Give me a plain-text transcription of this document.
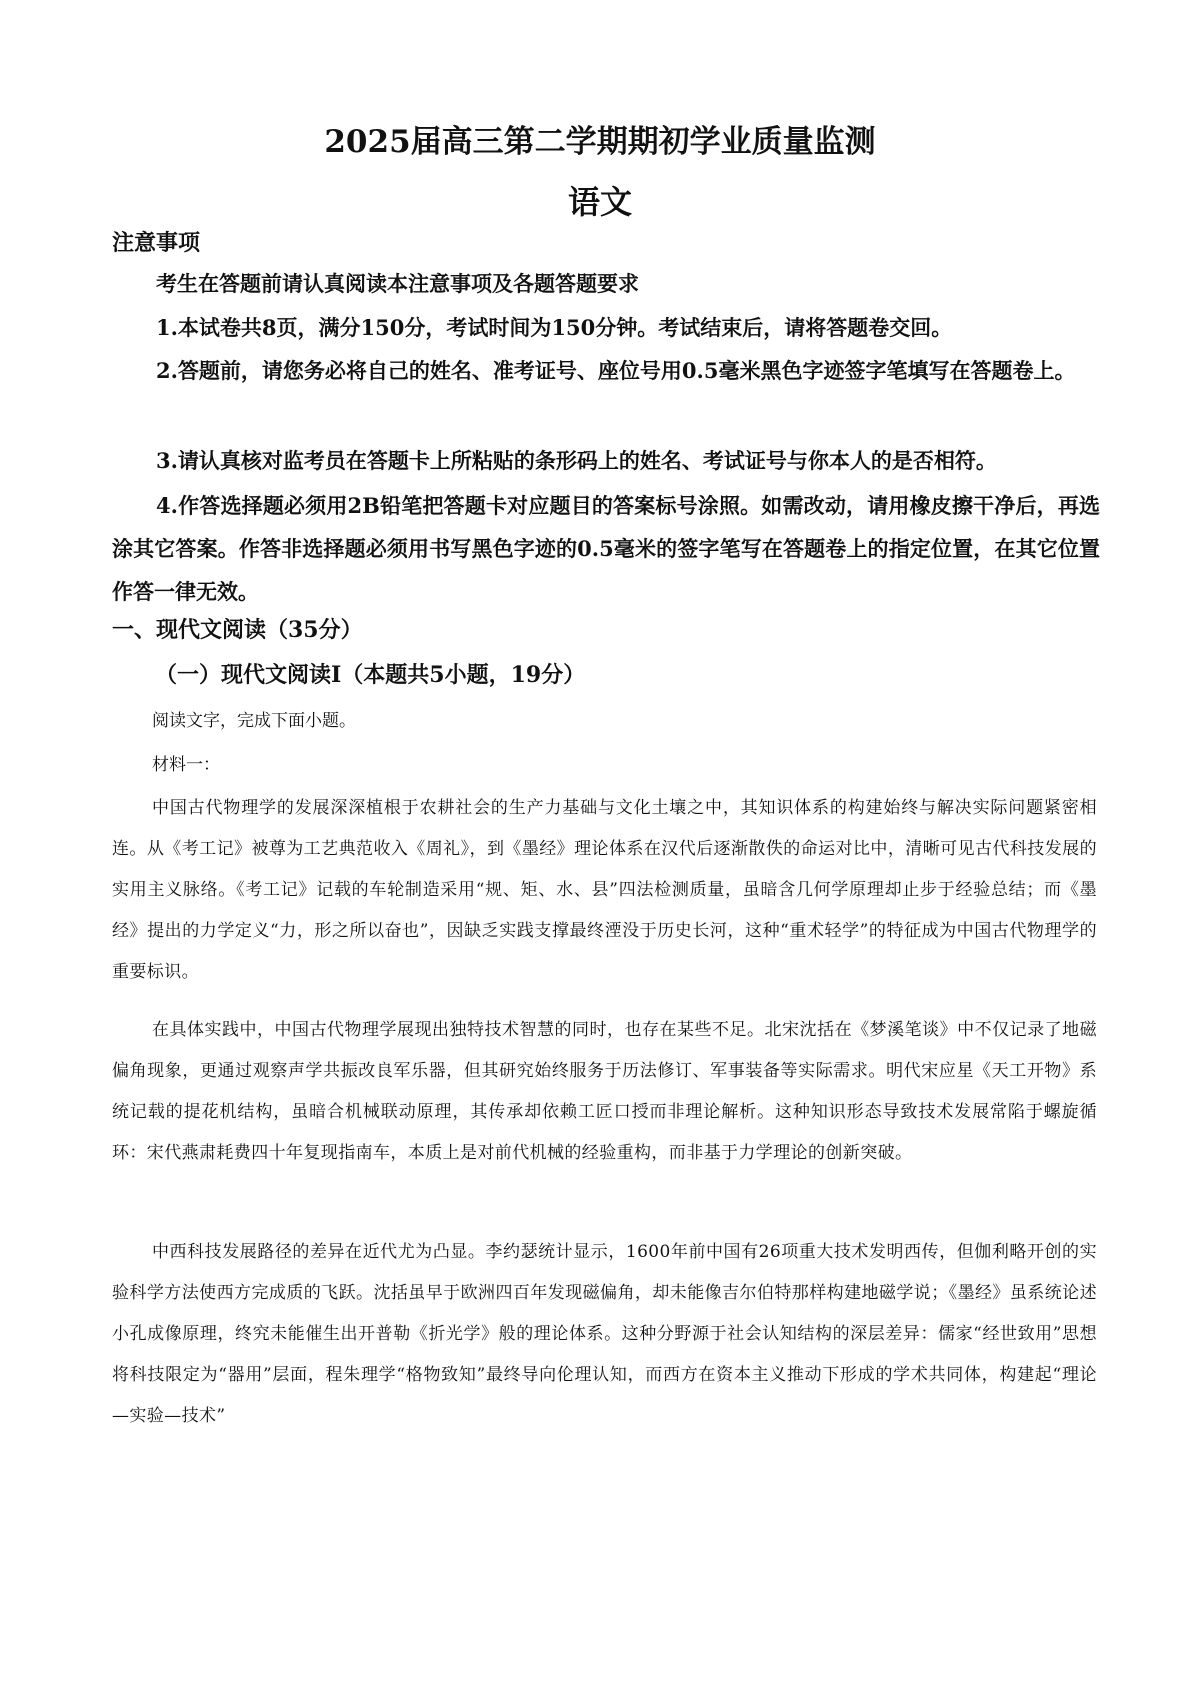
2025届高三第二学期期初学业质量监测
语文
注意事项
考生在答题前请认真阅读本注意事项及各题答题要求
1.本试卷共8页，满分150分，考试时间为150分钟。考试结束后，请将答题卷交回。
2.答题前，请您务必将自己的姓名、准考证号、座位号用0.5毫米黑色字迹签字笔填写在答题卷上。
3.请认真核对监考员在答题卡上所粘贴的条形码上的姓名、考试证号与你本人的是否相符。
4.作答选择题必须用2B铅笔把答题卡对应题目的答案标号涂照。如需改动，请用橡皮擦干净后，再选涂其它答案。作答非选择题必须用书写黑色字迹的0.5毫米的签字笔写在答题卷上的指定位置，在其它位置作答一律无效。
一、现代文阅读（35分）
（一）现代文阅读I（本题共5小题，19分）
阅读文字，完成下面小题。
材料一：
中国古代物理学的发展深深植根于农耕社会的生产力基础与文化土壤之中，其知识体系的构建始终与解决实际问题紧密相连。从《考工记》被尊为工艺典范收入《周礼》，到《墨经》理论体系在汉代后逐渐散佚的命运对比中，清晰可见古代科技发展的实用主义脉络。《考工记》记载的车轮制造采用“规、矩、水、县”四法检测质量，虽暗含几何学原理却止步于经验总结；而《墨经》提出的力学定义“力，形之所以奋也”，因缺乏实践支撑最终湮没于历史长河，这种“重术轻学”的特征成为中国古代物理学的重要标识。
在具体实践中，中国古代物理学展现出独特技术智慧的同时，也存在某些不足。北宋沈括在《梦溪笔谈》中不仅记录了地磁偏角现象，更通过观察声学共振改良军乐器，但其研究始终服务于历法修订、军事装备等实际需求。明代宋应星《天工开物》系统记载的提花机结构，虽暗合机械联动原理，其传承却依赖工匠口授而非理论解析。这种知识形态导致技术发展常陷于螺旋循环：宋代燕肃耗费四十年复现指南车，本质上是对前代机械的经验重构，而非基于力学理论的创新突破。
中西科技发展路径的差异在近代尤为凸显。李约瑟统计显示，1600年前中国有26项重大技术发明西传，但伽利略开创的实验科学方法使西方完成质的飞跃。沈括虽早于欧洲四百年发现磁偏角，却未能像吉尔伯特那样构建地磁学说；《墨经》虽系统论述小孔成像原理，终究未能催生出开普勒《折光学》般的理论体系。这种分野源于社会认知结构的深层差异：儒家“经世致用”思想将科技限定为“器用”层面，程朱理学“格物致知”最终导向伦理认知，而西方在资本主义推动下形成的学术共同体，构建起“理论—实验—技术”
